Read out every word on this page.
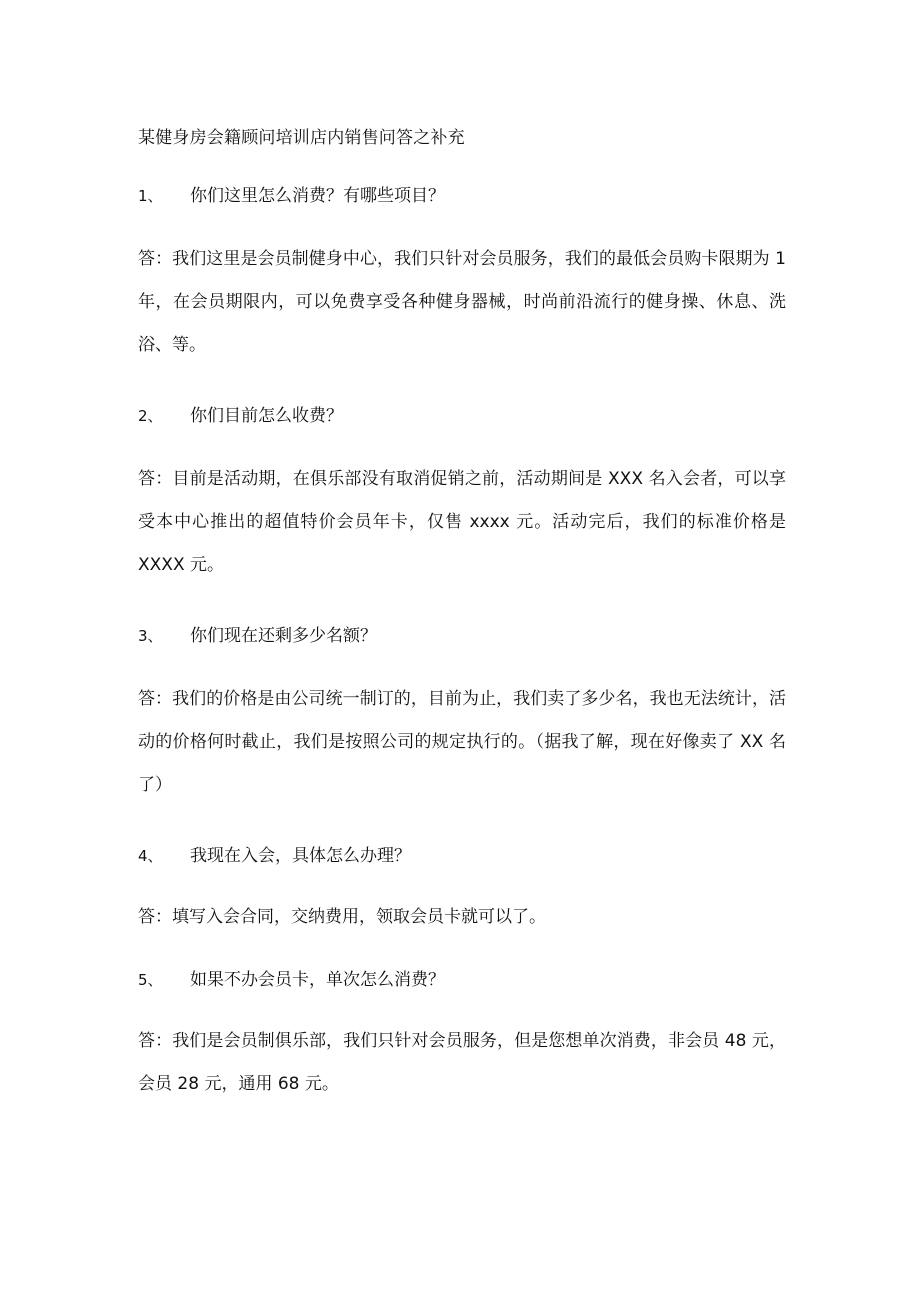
某健身房会籍顾问培训店内销售问答之补充
1、 你们这里怎么消费？有哪些项目？

答：我们这里是会员制健身中心，我们只针对会员服务，我们的最低会员购卡限期为 1 年，在会员期限内，可以免费享受各种健身器械，时尚前沿流行的健身操、休息、洗浴、等。

2、 你们目前怎么收费？

答：目前是活动期，在俱乐部没有取消促销之前，活动期间是 XXX 名入会者，可以享受本中心推出的超值特价会员年卡，仅售 xxxx 元。活动完后，我们的标准价格是 XXXX 元。

3、 你们现在还剩多少名额？

答：我们的价格是由公司统一制订的，目前为止，我们卖了多少名，我也无法统计，活动的价格何时截止，我们是按照公司的规定执行的。（据我了解，现在好像卖了 XX 名了）

4、 我现在入会，具体怎么办理？

答：填写入会合同，交纳费用，领取会员卡就可以了。

5、 如果不办会员卡，单次怎么消费？

答：我们是会员制俱乐部，我们只针对会员服务，但是您想单次消费，非会员 48 元，会员 28 元，通用 68 元。
